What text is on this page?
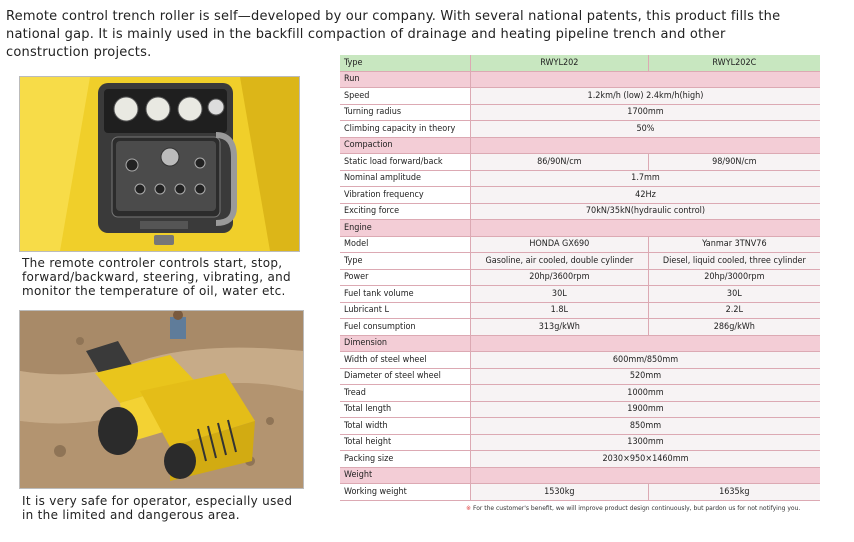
Remote control trench roller is self—developed by our company. With several national patents, this product fills the national gap. It is mainly used in the backfill compaction of drainage and heating pipeline trench and other construction projects.
The remote controler controls start, stop, forward/backward, steering, vibrating, and monitor the temperature of oil, water etc.
It is very safe for operator, especially used in the limited and dangerous area.
Type	RWYL202	RWYL202C
Run		
Speed	1.2km/h (low) 2.4km/h(high)	
Turning radius	1700mm	
Climbing capacity in theory	50%	
Compaction		
Static load forward/back	86/90N/cm	98/90N/cm
Nominal amplitude	1.7mm	
Vibration frequency	42Hz	
Exciting force	70kN/35kN(hydraulic control)	
Engine		
Model	HONDA GX690	Yanmar 3TNV76
Type	Gasoline, air cooled, double cylinder	Diesel, liquid cooled, three cylinder
Power	20hp/3600rpm	20hp/3000rpm
Fuel tank volume	30L	30L
Lubricant L	1.8L	2.2L
Fuel consumption	313g/kWh	286g/kWh
Dimension		
Width of steel wheel	600mm/850mm	
Diameter of steel wheel	520mm	
Tread	1000mm	
Total length	1900mm	
Total width	850mm	
Total height	1300mm	
Packing size	2030×950×1460mm	
Weight		
Working weight	1530kg	1635kg
※ For the customer's benefit, we will improve product design continuously, but pardon us for not notifying you.
